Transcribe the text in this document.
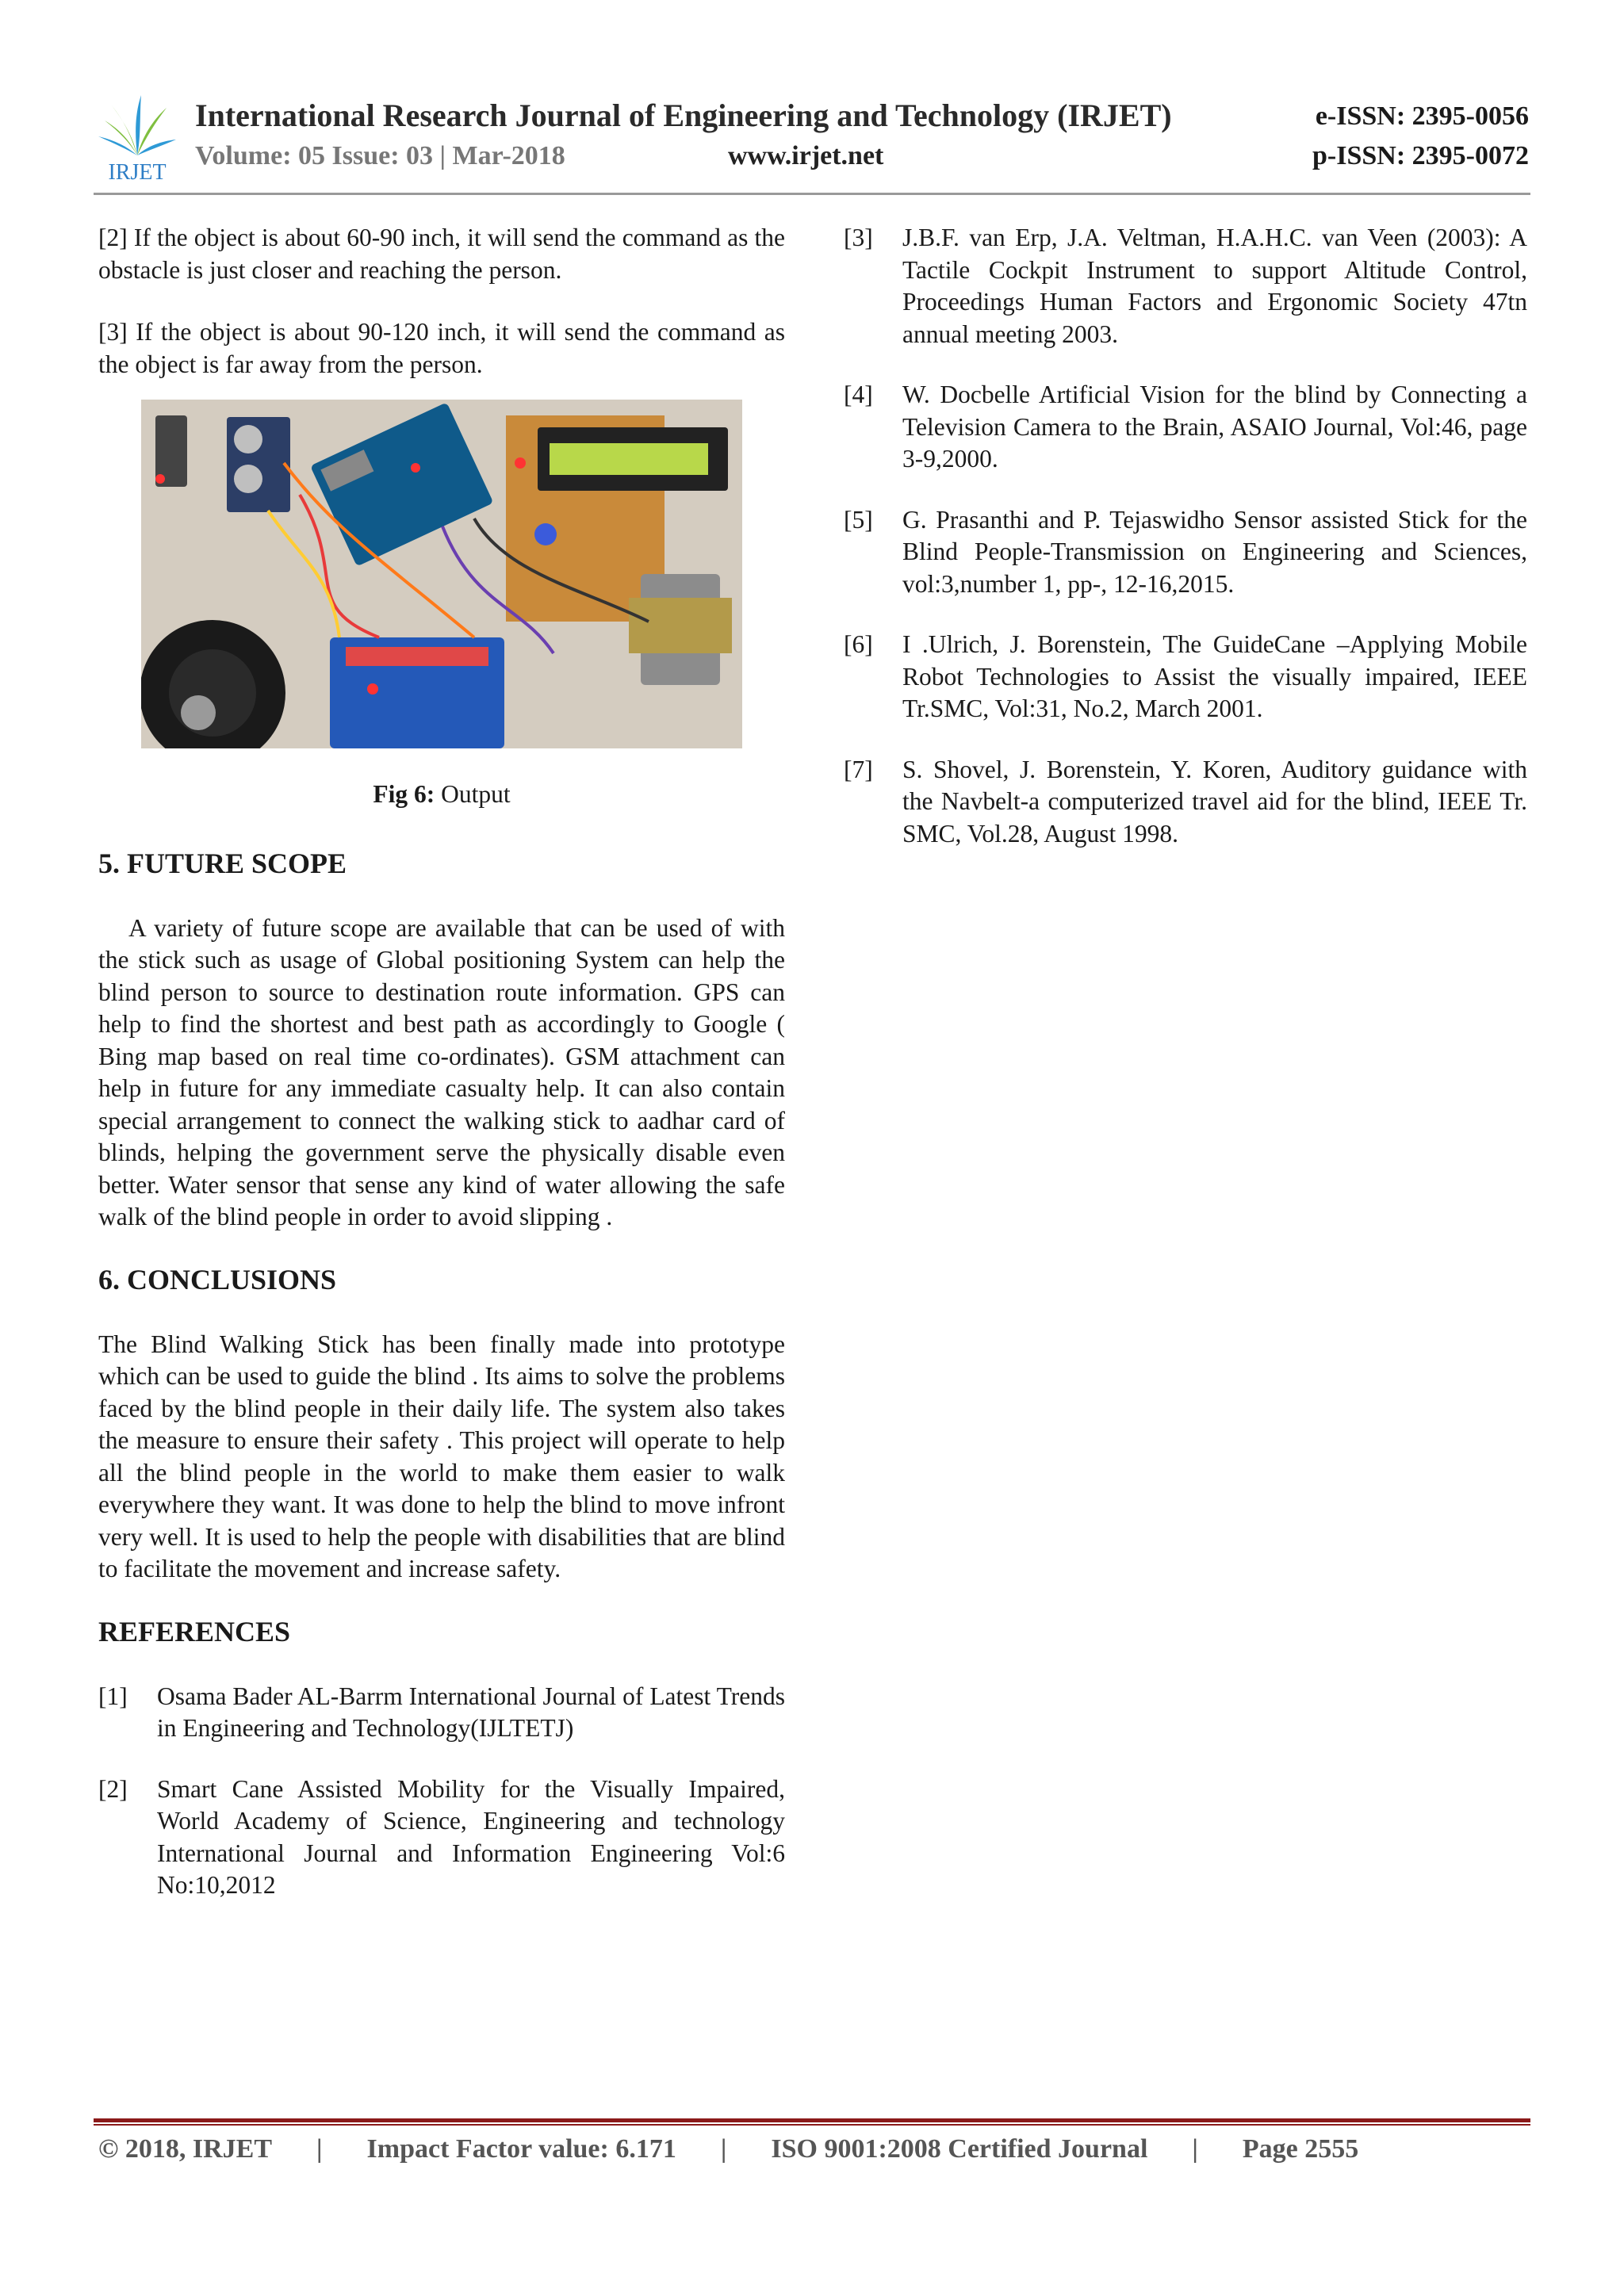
IRJET
International Research Journal of Engineering and Technology (IRJET)	e-ISSN: 2395-0056
Volume: 05 Issue: 03 | Mar-2018	www.irjet.net	p-ISSN: 2395-0072

[2] If the object is about 60-90 inch, it will send the command as the obstacle is just closer and reaching the person.

[3] If the object is about 90-120 inch, it will send the command as the object is far away from the person.

Fig 6: Output
5. FUTURE SCOPE

A variety of future scope are available that can be used of with the stick such as usage of Global positioning System can help the blind person to source to destination route information. GPS can help to find the shortest and best path as accordingly to Google ( Bing map based on real time co-ordinates). GSM attachment can help in future for any immediate casualty help. It can also contain special arrangement to connect the walking stick to aadhar card of blinds, helping the government serve the physically disable even better. Water sensor that sense any kind of water allowing the safe walk of the blind people in order to avoid slipping .

6. CONCLUSIONS

The Blind Walking Stick has been finally made into prototype which can be used to guide the blind . Its aims to solve the problems faced by the blind people in their daily life. The system also takes the measure to ensure their safety . This project will operate to help all the blind people in the world to make them easier to walk everywhere they want. It was done to help the blind to move infront very well. It is used to help the people with disabilities that are blind to facilitate the movement and increase safety.

REFERENCES
[1]	Osama Bader AL-Barrm International Journal of Latest Trends in Engineering and Technology(IJLTETJ)
[2]	Smart Cane Assisted Mobility for the Visually Impaired, World Academy of Science, Engineering and technology International Journal and Information Engineering Vol:6 No:10,2012
[3]	J.B.F. van Erp, J.A. Veltman, H.A.H.C. van Veen (2003): A Tactile Cockpit Instrument to support Altitude Control, Proceedings Human Factors and Ergonomic Society 47tn annual meeting 2003.
[4]	W. Docbelle Artificial Vision for the blind by Connecting a Television Camera to the Brain, ASAIO Journal, Vol:46, page 3-9,2000.
[5]	G. Prasanthi and P. Tejaswidho Sensor assisted Stick for the Blind People-Transmission on Engineering and Sciences, vol:3,number 1, pp-, 12-16,2015.
[6]	I .Ulrich, J. Borenstein, The GuideCane –Applying Mobile Robot Technologies to Assist the visually impaired, IEEE Tr.SMC, Vol:31, No.2, March 2001.
[7]	S. Shovel, J. Borenstein, Y. Koren, Auditory guidance with the Navbelt-a computerized travel aid for the blind, IEEE Tr. SMC, Vol.28, August 1998.
© 2018, IRJET | Impact Factor value: 6.171 | ISO 9001:2008 Certified Journal | Page 2555
